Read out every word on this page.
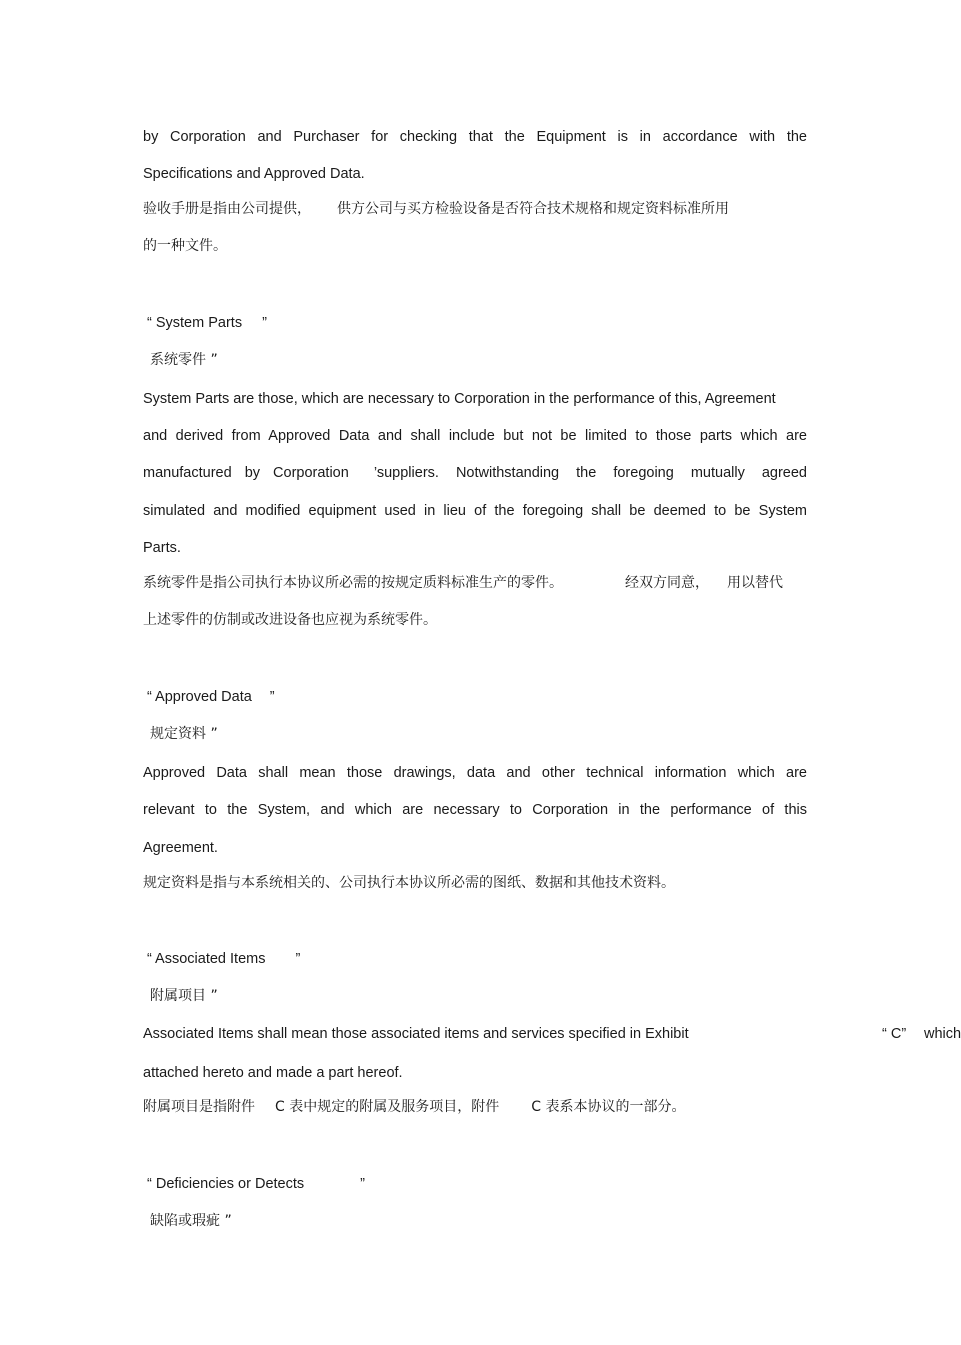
by Corporation and Purchaser for checking that the Equipment is in accordance with the
Specifications and Approved Data.
验收手册是指由公司提供， 供方公司与买方检验设备是否符合技术规格和规定资料标准所用
的一种文件。
“ System Parts ”
系统零件 ”
System Parts are those, which are necessary to Corporation in the performance of this, Agreement
and derived from Approved Data and shall include but not be limited to those parts which are
manufactured by Corporation ’suppliers. Notwithstanding the foregoing mutually agreed
simulated and modified equipment used in lieu of the foregoing shall be deemed to be System
Parts.
系统零件是指公司执行本协议所必需的按规定质料标准生产的零件。	经双方同意， 用以替代
上述零件的仿制或改进设备也应视为系统零件。
“ Approved Data ”
规定资料 ”
Approved Data shall mean those drawings, data and other technical information which are
relevant to the System, and which are necessary to Corporation in the performance of this
Agreement.
规定资料是指与本系统相关的、公司执行本协议所必需的图纸、数据和其他技术资料。
“ Associated Items ”
附属项目 ”
Associated Items shall mean those associated items and services specified in Exhibit	“ C” which
attached hereto and made a part hereof.
附属项目是指附件 C 表中规定的附属及服务项目，附件 C 表系本协议的一部分。
“ Deficiencies or Detects	”
缺陷或瑕疵 ”
